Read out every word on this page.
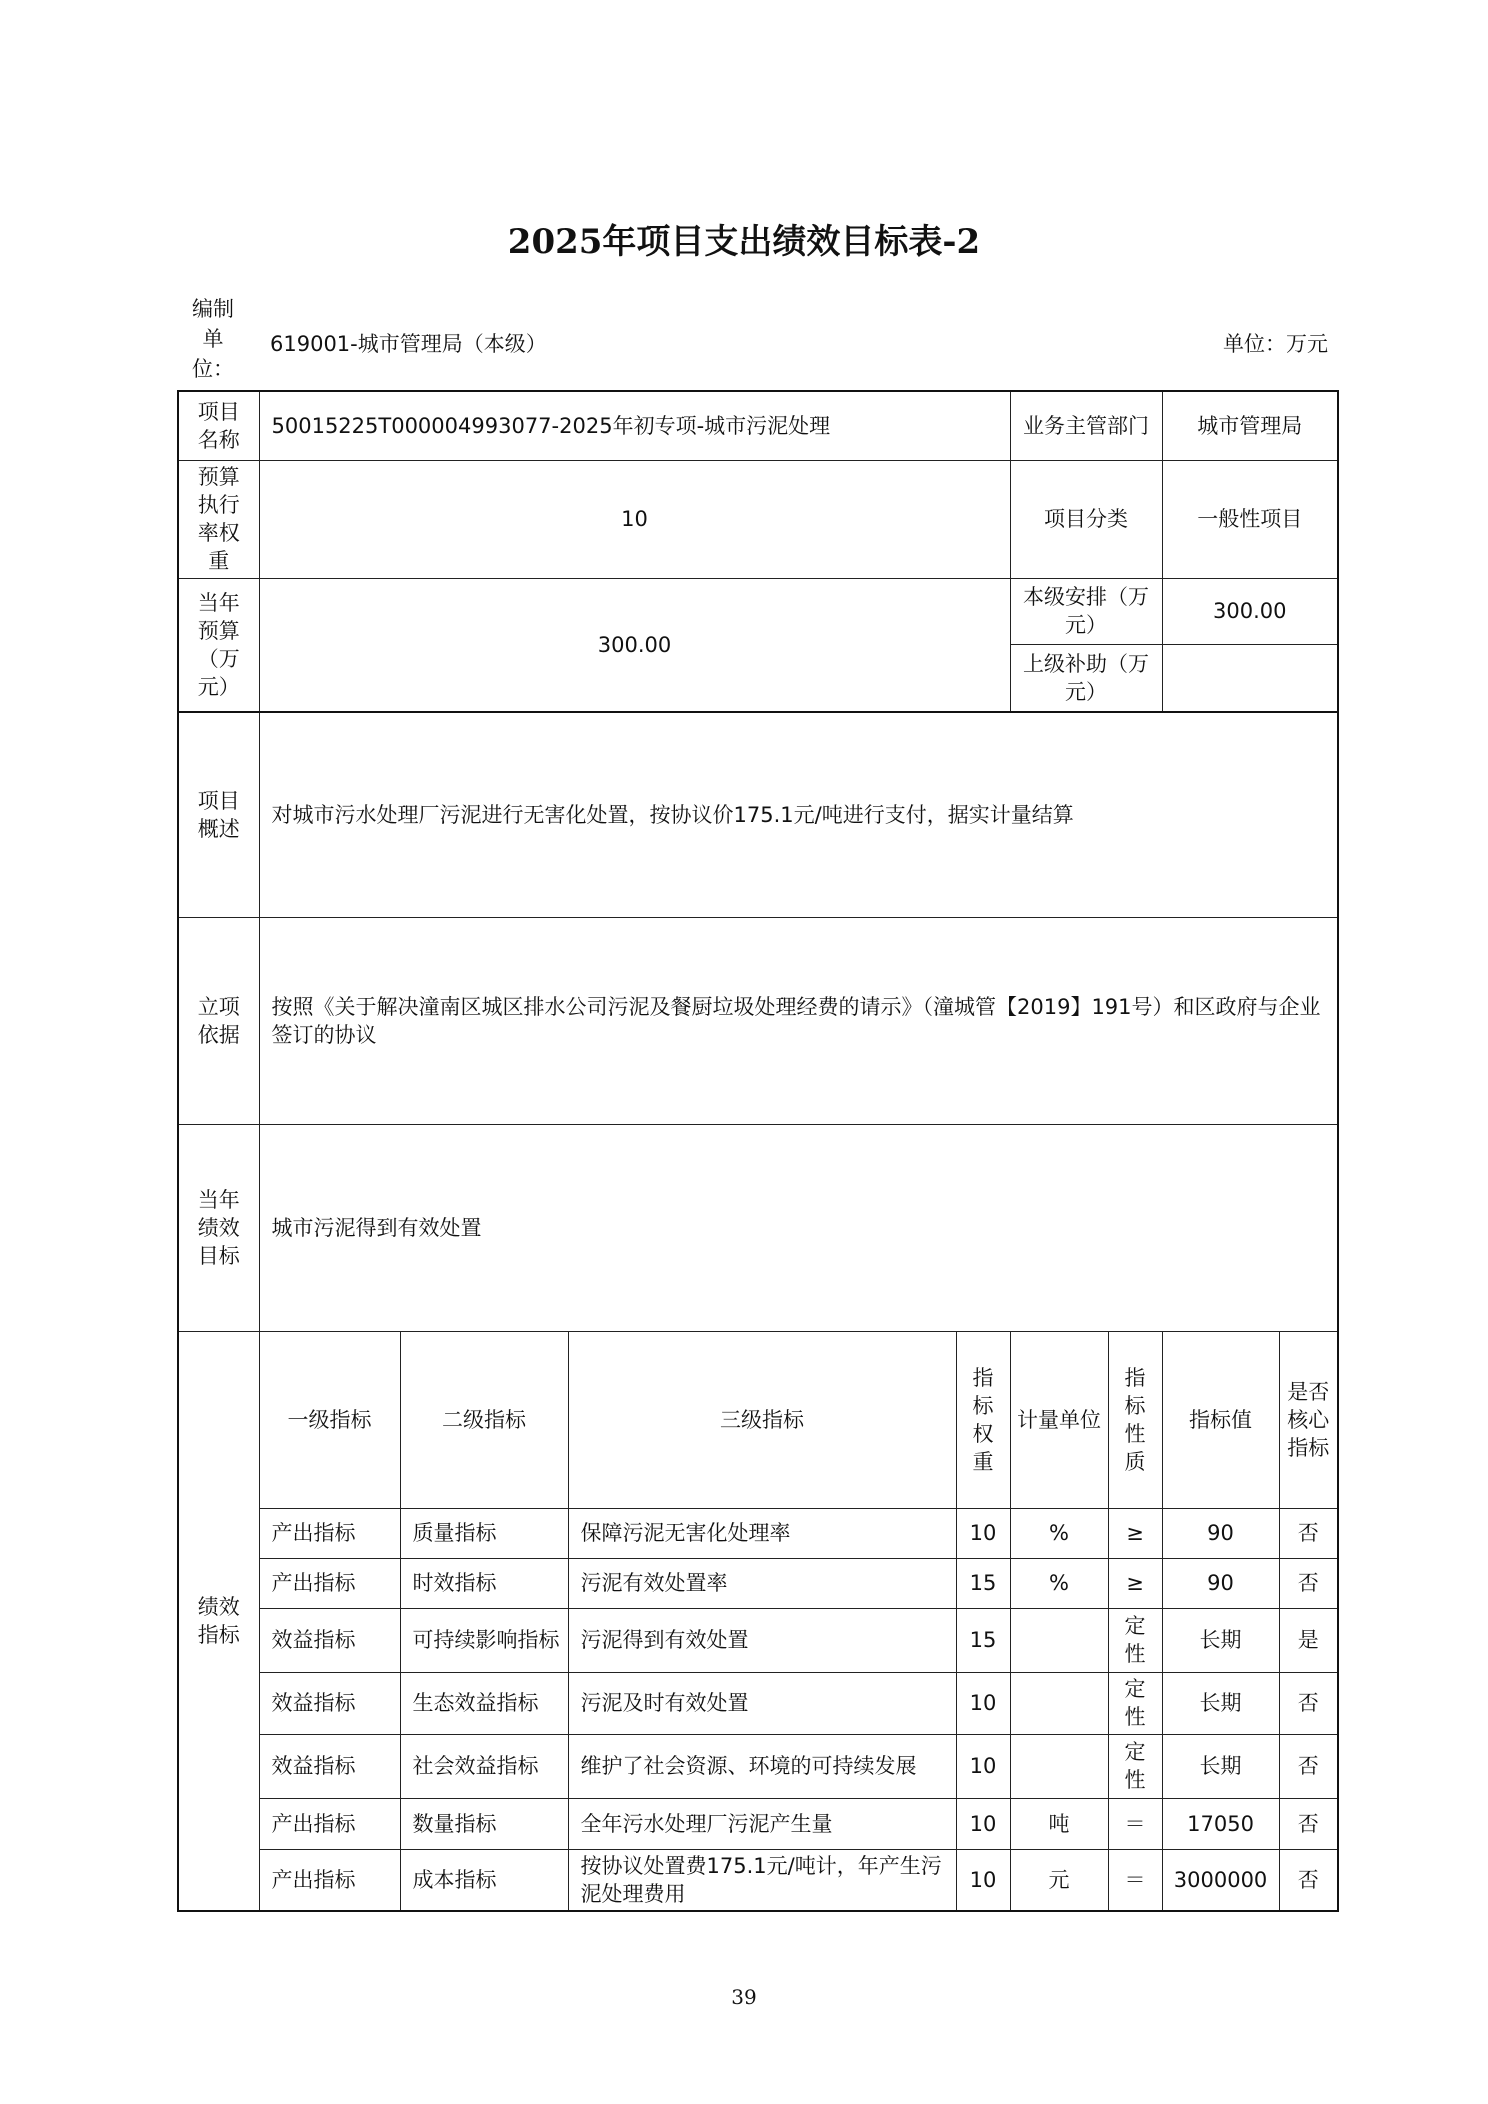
2025年项目支出绩效目标表-2
编制单位：
619001-城市管理局（本级）	单位：万元
项目名称	50015225T000004993077-2025年初专项-城市污泥处理				业务主管部门		城市管理局	
预算执行率权重	10				项目分类		一般性项目	
当年预算（万元）	300.00				本级安排（万元）		300.00	
					上级补助（万元）			
项目概述	对城市污水处理厂污泥进行无害化处置，按协议价175.1元/吨进行支付，据实计量结算							
立项依据	按照《关于解决潼南区城区排水公司污泥及餐厨垃圾处理经费的请示》（潼城管【2019】191号）和区政府与企业签订的协议							
当年绩效目标	城市污泥得到有效处置							
绩效指标	一级指标	二级指标	三级指标	指标权重	计量单位	指标性质	指标值	是否核心指标
	产出指标	质量指标	保障污泥无害化处理率	10	%	≥	90	否
	产出指标	时效指标	污泥有效处置率	15	%	≥	90	否
	效益指标	可持续影响指标	污泥得到有效处置	15		定性	长期	是
	效益指标	生态效益指标	污泥及时有效处置	10		定性	长期	否
	效益指标	社会效益指标	维护了社会资源、环境的可持续发展	10		定性	长期	否
	产出指标	数量指标	全年污水处理厂污泥产生量	10	吨	＝	17050	否
	产出指标	成本指标	按协议处置费175.1元/吨计，年产生污泥处理费用	10	元	＝	3000000	否
39
